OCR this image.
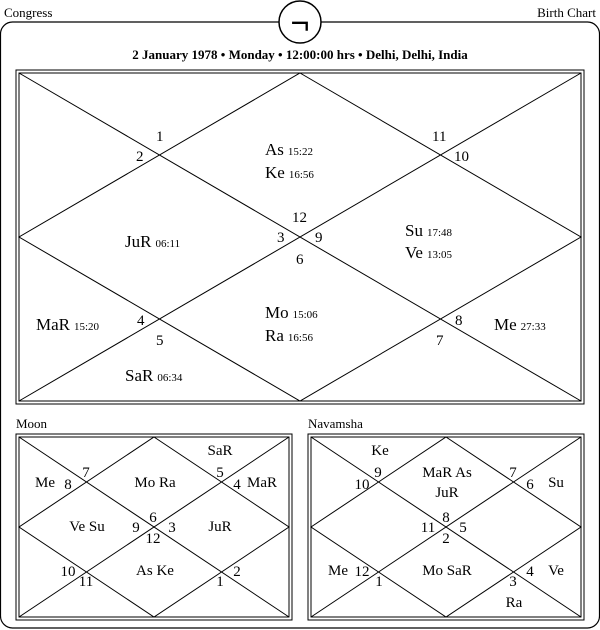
¬
Congress	Birth Chart
2 January 1978 • Monday • 12:00:00 hrs • Delhi, Delhi, India
As 15:22
Ke 16:56
JuR 06:11
Su 17:48
Ve 13:05
Mo 15:06
Ra 16:56
MaR 15:20
SaR 06:34
Me 27:33
1
2
11
10
12
3 9
6
4
5
8
7
Moon
SaR
Me	Mo Ra	MaR
Ve Su	JuR
As Ke
7
8
5
4
6
9 3
12
10
11	1
2
Navamsha
Ke
MaR As
JuR
Su
Me	Mo SaR	Ve
Ra
9
10
7
6
8
5
11
2
12
1
4
3
